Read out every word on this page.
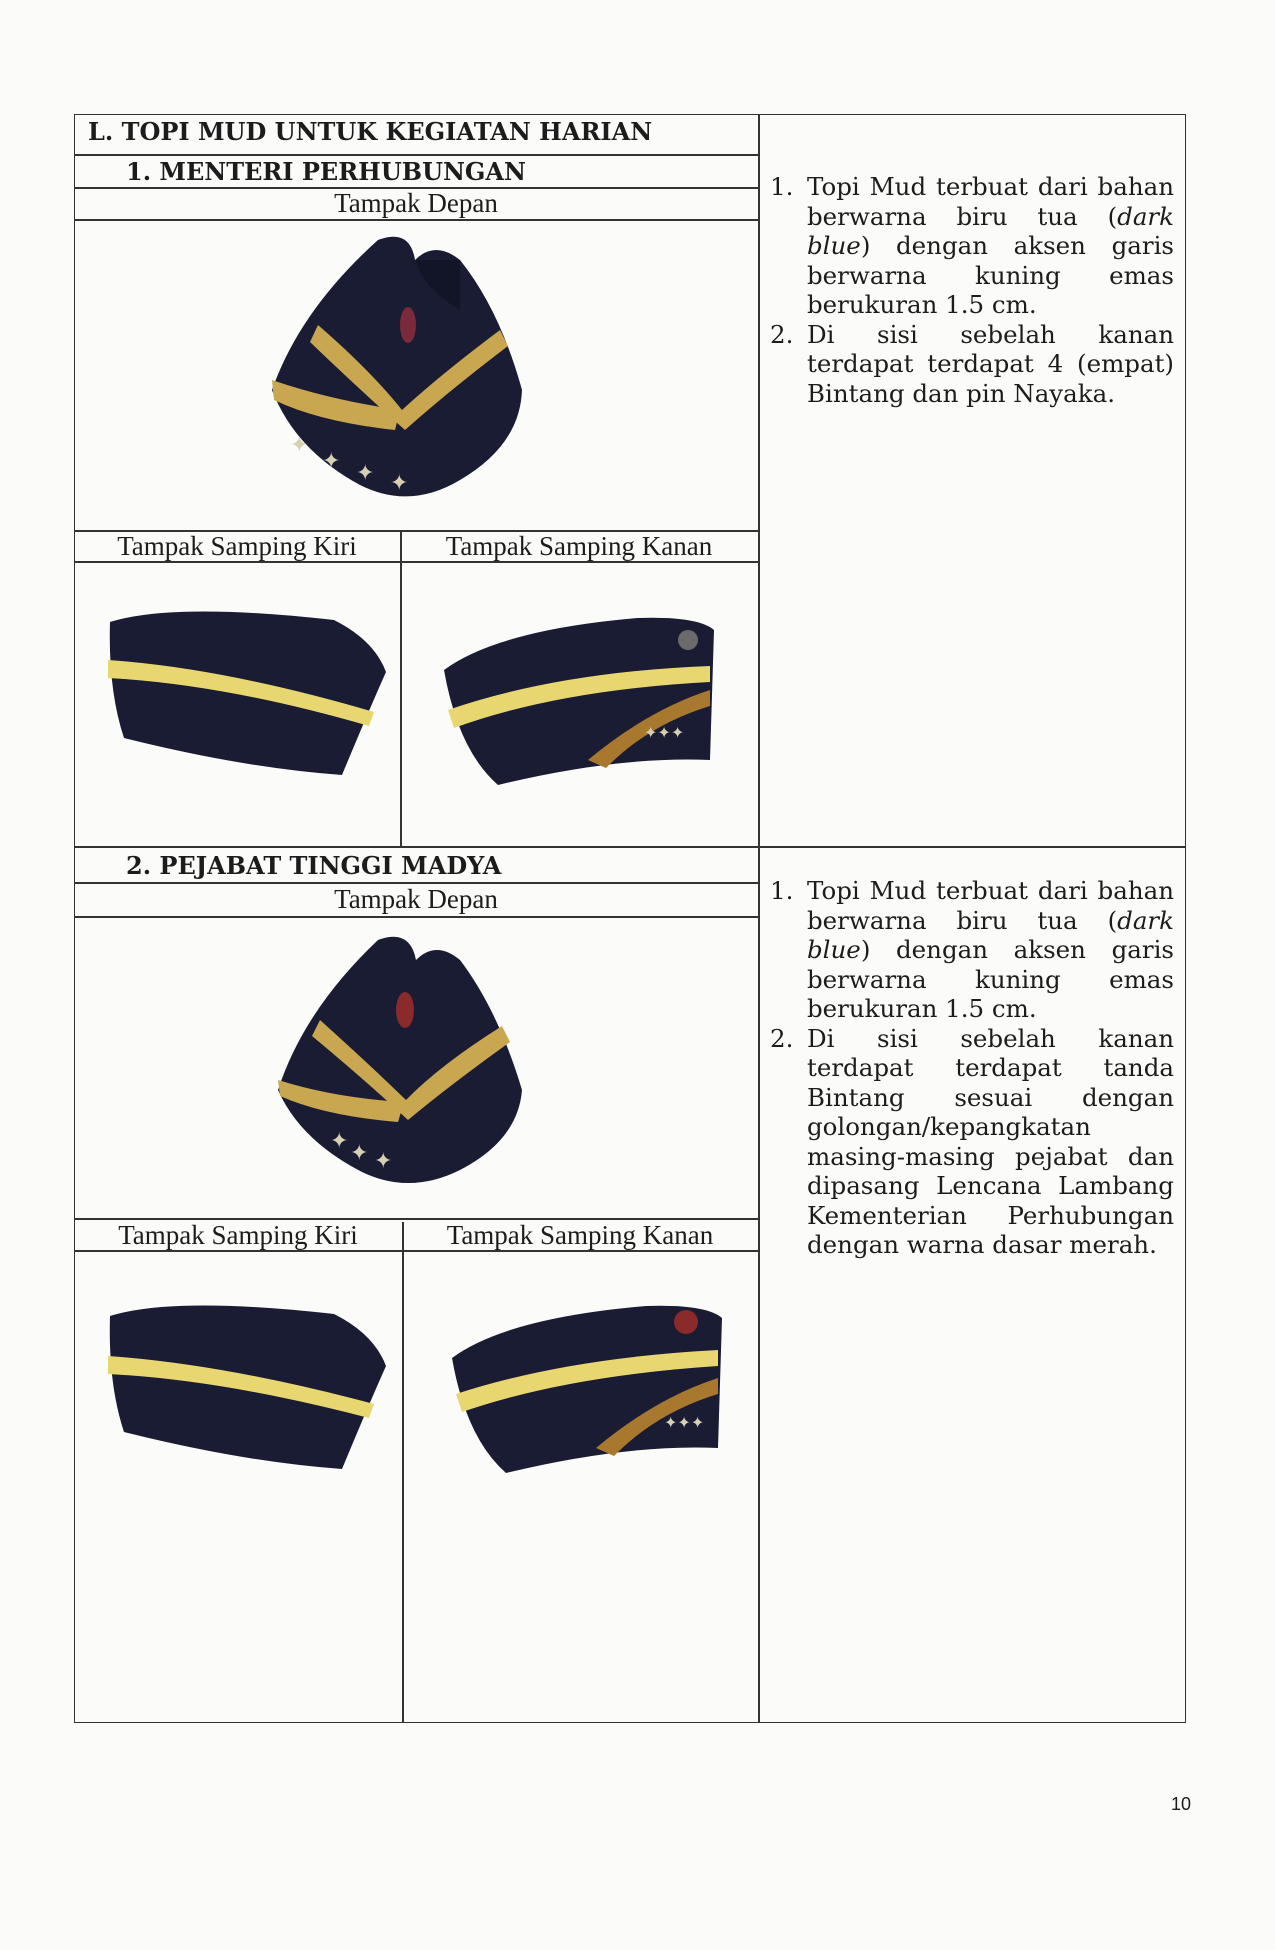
L. TOPI MUD UNTUK KEGIATAN HARIAN
1. MENTERI PERHUBUNGAN
Tampak Depan
Tampak Samping Kiri	Tampak Samping Kanan
2. PEJABAT TINGGI MADYA
Tampak Depan
Tampak Samping Kiri	Tampak Samping Kanan
1. Topi Mud terbuat dari bahan berwarna biru tua (dark blue) dengan aksen garis berwarna kuning emas berukuran 1.5 cm.
2. Di sisi sebelah kanan terdapat terdapat 4 (empat) Bintang dan pin Nayaka.
1. Topi Mud terbuat dari bahan berwarna biru tua (dark blue) dengan aksen garis berwarna kuning emas berukuran 1.5 cm.
2. Di sisi sebelah kanan terdapat terdapat tanda Bintang sesuai dengan golongan/kepangkatan masing-masing pejabat dan dipasang Lencana Lambang Kementerian Perhubungan dengan warna dasar merah.
✦
✦ ✦ ✦
✦ ✦ ✦
✦✦✦
✦✦✦
10
